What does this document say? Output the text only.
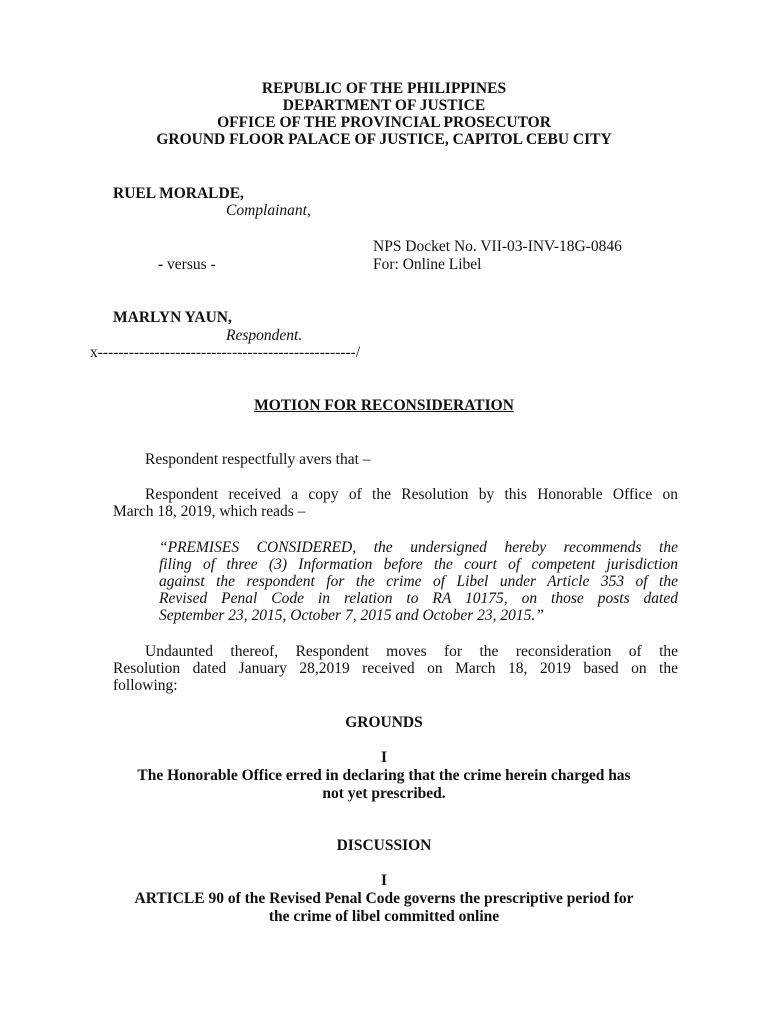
REPUBLIC OF THE PHILIPPINES
DEPARTMENT OF JUSTICE
OFFICE OF THE PROVINCIAL PROSECUTOR
GROUND FLOOR PALACE OF JUSTICE, CAPITOL CEBU CITY
RUEL MORALDE,
Complainant,
NPS Docket No. VII-03-INV-18G-0846
- versus -	For: Online Libel
MARLYN YAUN,
Respondent.
x--------------------------------------------------/
MOTION FOR RECONSIDERATION
Respondent respectfully avers that –
Respondent received a copy of the Resolution by this Honorable Office on
March 18, 2019, which reads –
“PREMISES CONSIDERED, the undersigned hereby recommends the
filing of three (3) Information before the court of competent jurisdiction
against the respondent for the crime of Libel under Article 353 of the
Revised Penal Code in relation to RA 10175, on those posts dated
September 23, 2015, October 7, 2015 and October 23, 2015.”
Undaunted thereof, Respondent moves for the reconsideration of the
Resolution dated January 28,2019 received on March 18, 2019 based on the
following:
GROUNDS
I
The Honorable Office erred in declaring that the crime herein charged has
not yet prescribed.
DISCUSSION
I
ARTICLE 90 of the Revised Penal Code governs the prescriptive period for
the crime of libel committed online
